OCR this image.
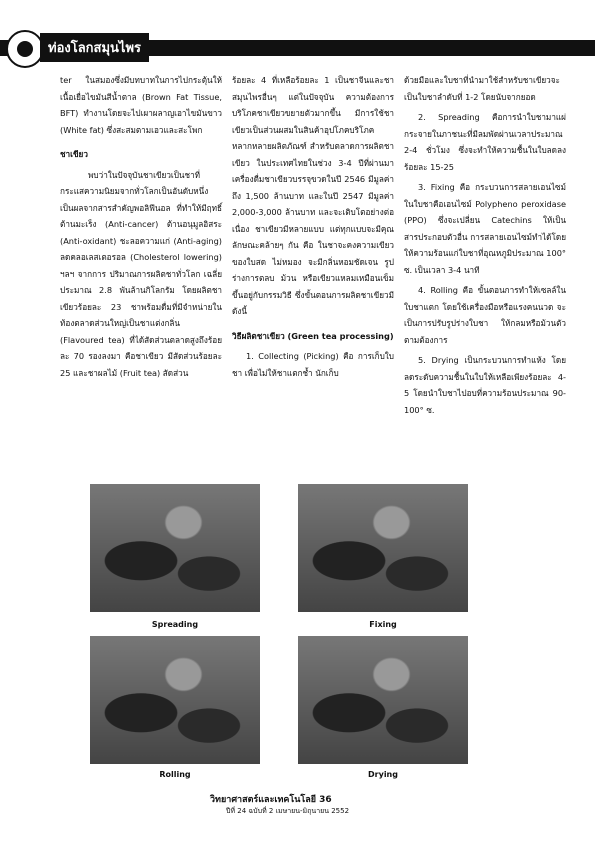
ท่องโลกสมุนไพร

ter ในสมองซึ่งมีบทบาทในการไปกระตุ้นให้เนื้อเยื่อไขมันสีน้ำตาล (Brown Fat Tissue, BFT) ทำงานโดยจะไปเผาผลาญเอาไขมันขาว (White fat) ซึ่งสะสมตามเอวและสะโพก

ชาเขียว

พบว่าในปัจจุบันชาเขียวเป็นชาที่กระแสความนิยมจากทั่วโลกเป็นอันดับหนึ่ง เป็นผลจากสารสำคัญพอลิฟีนอล ที่ทำให้มีฤทธิ์ต้านมะเร็ง (Anti-cancer) ต้านอนุมูลอิสระ (Anti-oxidant) ชะลอความแก่ (Anti-aging) ลดคลอเลสเตอรอล (Cholesterol lowering) ฯลฯ จากการ ปริมาณการผลิตชาทั่วโลก เฉลี่ยประมาณ 2.8 พันล้านกิโลกรัม โดยผลิตชาเขียวร้อยละ 23 ชาพร้อมดื่มที่มีจำหน่ายในท้องตลาดส่วนใหญ่เป็นชาแต่งกลิ่น (Flavoured tea) ที่ได้สัดส่วนตลาดสูงถึงร้อยละ 70 รองลงมา คือชาเขียว มีสัดส่วนร้อยละ 25 และชาผลไม้ (Fruit tea) สัดส่วน

ร้อยละ 4 ที่เหลือร้อยละ 1 เป็นชาจีนและชาสมุนไพรอื่นๆ แต่ในปัจจุบัน ความต้องการบริโภคชาเขียวขยายตัวมากขึ้น มีการใช้ชาเขียวเป็นส่วนผสมในสินค้าอุปโภคบริโภคหลากหลายผลิตภัณฑ์ สำหรับตลาดการผลิตชาเขียว ในประเทศไทยในช่วง 3-4 ปีที่ผ่านมาเครื่องดื่มชาเขียวบรรจุขวดในปี 2546 มีมูลค่าถึง 1,500 ล้านบาท และในปี 2547 มีมูลค่า 2,000-3,000 ล้านบาท และจะเติบโตอย่างต่อเนื่อง ชาเขียวมีหลายแบบ แต่ทุกแบบจะมีคุณลักษณะคล้ายๆ กัน คือ ในชาจะคงความเขียวของใบสด ไม่หมอง จะมีกลิ่นหอมชัดเจน รูปร่างการตลบ ม้วน หรือเขียวแหลมเหมือนเข็มขึ้นอยู่กับกรรมวิธี ซึ่งขั้นตอนการผลิตชาเขียวมีดังนี้

วิธีผลิตชาเขียว (Green tea processing)

1. Collecting (Picking) คือ การเก็บใบชา เพื่อไม่ให้ชาแตกช้ำ นักเก็บ

ด้วยมือและใบชาที่นำมาใช้สำหรับชาเขียวจะเป็นใบชาลำดับที่ 1-2 โดยนับจากยอด

2. Spreading คือการนำใบชามาแผ่กระจายในภาชนะที่มีลมพัดผ่านเวลาประมาณ 2-4 ชั่วโมง ซึ่งจะทำให้ความชื้นในใบลดลงร้อยละ 15-25

3. Fixing คือ กระบวนการสลายเอนไซม์ในใบชาคือเอนไซม์ Polypheno peroxidase (PPO) ซึ่งจะเปลี่ยน Catechins ให้เป็นสารประกอบตัวอื่น การสลายเอนไซม์ทำได้โดยให้ความร้อนแก่ใบชาที่อุณหภูมิประมาณ 100° ซ. เป็นเวลา 3-4 นาที

4. Rolling คือ ขั้นตอนการทำให้เซลล์ในใบชาแตก โดยใช้เครื่องมือหรือแรงคนนวด จะเป็นการปรับรูปร่างใบชา ให้กลมหรือม้วนตัวตามต้องการ

5. Drying เป็นกระบวนการทำแห้ง โดยลดระดับความชื้นในใบให้เหลือเพียงร้อยละ 4-5 โดยนำใบชาไปอบที่ความร้อนประมาณ 90-100° ซ.

Spreading	Fixing
Rolling	Drying
วิทยาศาสตร์และเทคโนโลยี 36
ปีที่ 24 ฉบับที่ 2 เมษายน-มิถุนายน 2552
